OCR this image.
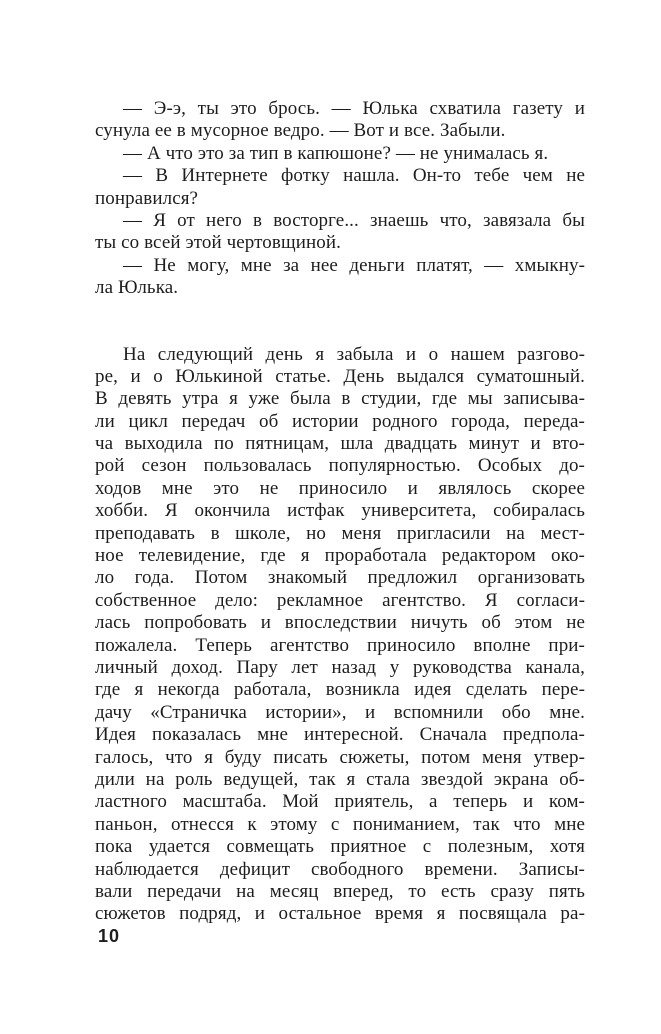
— Э-э, ты это брось. — Юлька схватила газету и
сунула ее в мусорное ведро. — Вот и все. Забыли.
— А что это за тип в капюшоне? — не унималась я.
— В Интернете фотку нашла. Он-то тебе чем не
понравился?
— Я от него в восторге... знаешь что, завязала бы
ты со всей этой чертовщиной.
— Не могу, мне за нее деньги платят, — хмыкну-
ла Юлька.
На следующий день я забыла и о нашем разгово-
ре, и о Юлькиной статье. День выдался суматошный.
В девять утра я уже была в студии, где мы записыва-
ли цикл передач об истории родного города, переда-
ча выходила по пятницам, шла двадцать минут и вто-
рой сезон пользовалась популярностью. Особых до-
ходов мне это не приносило и являлось скорее
хобби. Я окончила истфак университета, собиралась
преподавать в школе, но меня пригласили на мест-
ное телевидение, где я проработала редактором око-
ло года. Потом знакомый предложил организовать
собственное дело: рекламное агентство. Я согласи-
лась попробовать и впоследствии ничуть об этом не
пожалела. Теперь агентство приносило вполне при-
личный доход. Пару лет назад у руководства канала,
где я некогда работала, возникла идея сделать пере-
дачу «Страничка истории», и вспомнили обо мне.
Идея показалась мне интересной. Сначала предпола-
галось, что я буду писать сюжеты, потом меня утвер-
дили на роль ведущей, так я стала звездой экрана об-
ластного масштаба. Мой приятель, а теперь и ком-
паньон, отнесся к этому с пониманием, так что мне
пока удается совмещать приятное с полезным, хотя
наблюдается дефицит свободного времени. Записы-
вали передачи на месяц вперед, то есть сразу пять
сюжетов подряд, и остальное время я посвящала ра-
10
